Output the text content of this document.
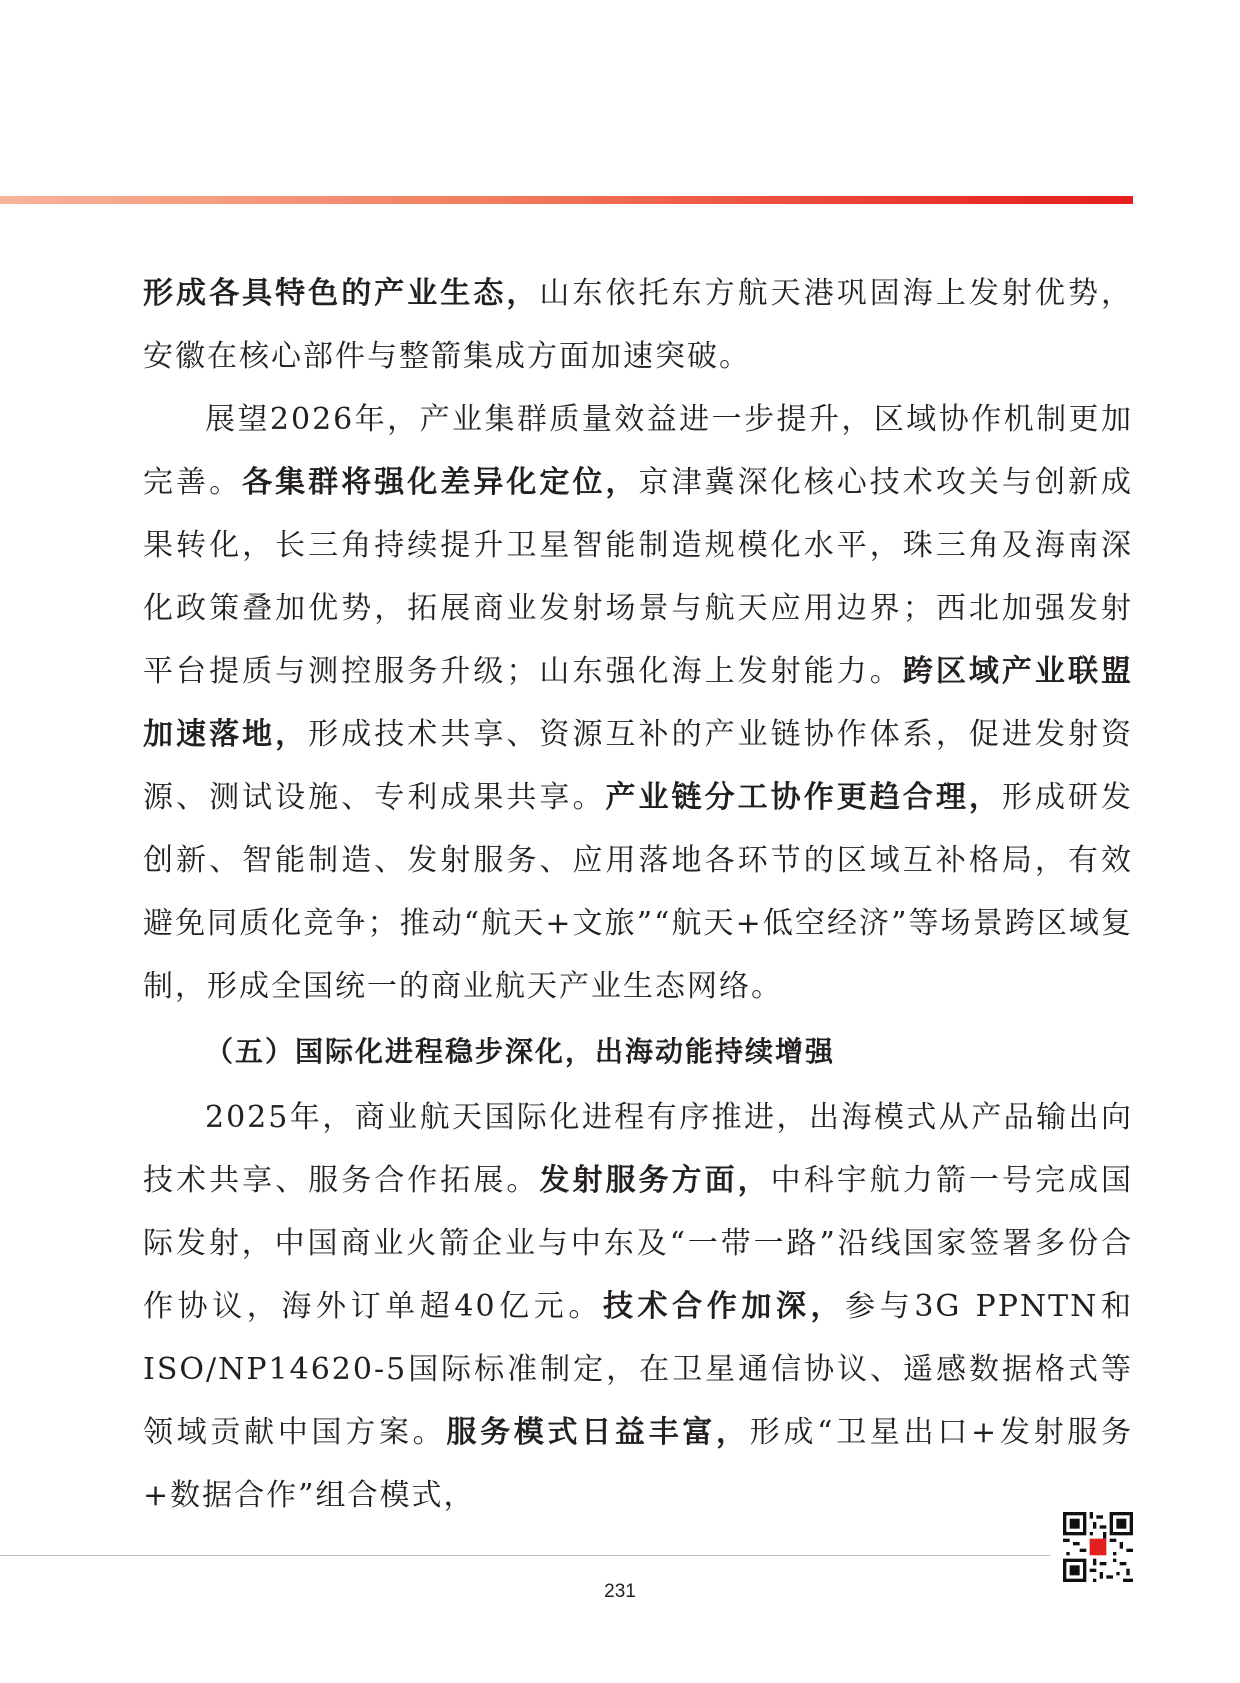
形成各具特色的产业生态，山东依托东方航天港巩固海上发射优势，安徽在核心部件与整箭集成方面加速突破。

展望2026年，产业集群质量效益进一步提升，区域协作机制更加完善。各集群将强化差异化定位，京津冀深化核心技术攻关与创新成果转化，长三角持续提升卫星智能制造规模化水平，珠三角及海南深化政策叠加优势，拓展商业发射场景与航天应用边界；西北加强发射平台提质与测控服务升级；山东强化海上发射能力。跨区域产业联盟加速落地，形成技术共享、资源互补的产业链协作体系，促进发射资源、测试设施、专利成果共享。产业链分工协作更趋合理，形成研发创新、智能制造、发射服务、应用落地各环节的区域互补格局，有效避免同质化竞争；推动“航天+文旅”“航天+低空经济”等场景跨区域复制，形成全国统一的商业航天产业生态网络。

（五）国际化进程稳步深化，出海动能持续增强

2025年，商业航天国际化进程有序推进，出海模式从产品输出向技术共享、服务合作拓展。发射服务方面，中科宇航力箭一号完成国际发射，中国商业火箭企业与中东及“一带一路”沿线国家签署多份合作协议，海外订单超40亿元。技术合作加深，参与3G PPNTN和ISO/NP14620-5国际标准制定，在卫星通信协议、遥感数据格式等领域贡献中国方案。服务模式日益丰富，形成“卫星出口+发射服务+数据合作”组合模式，

231
